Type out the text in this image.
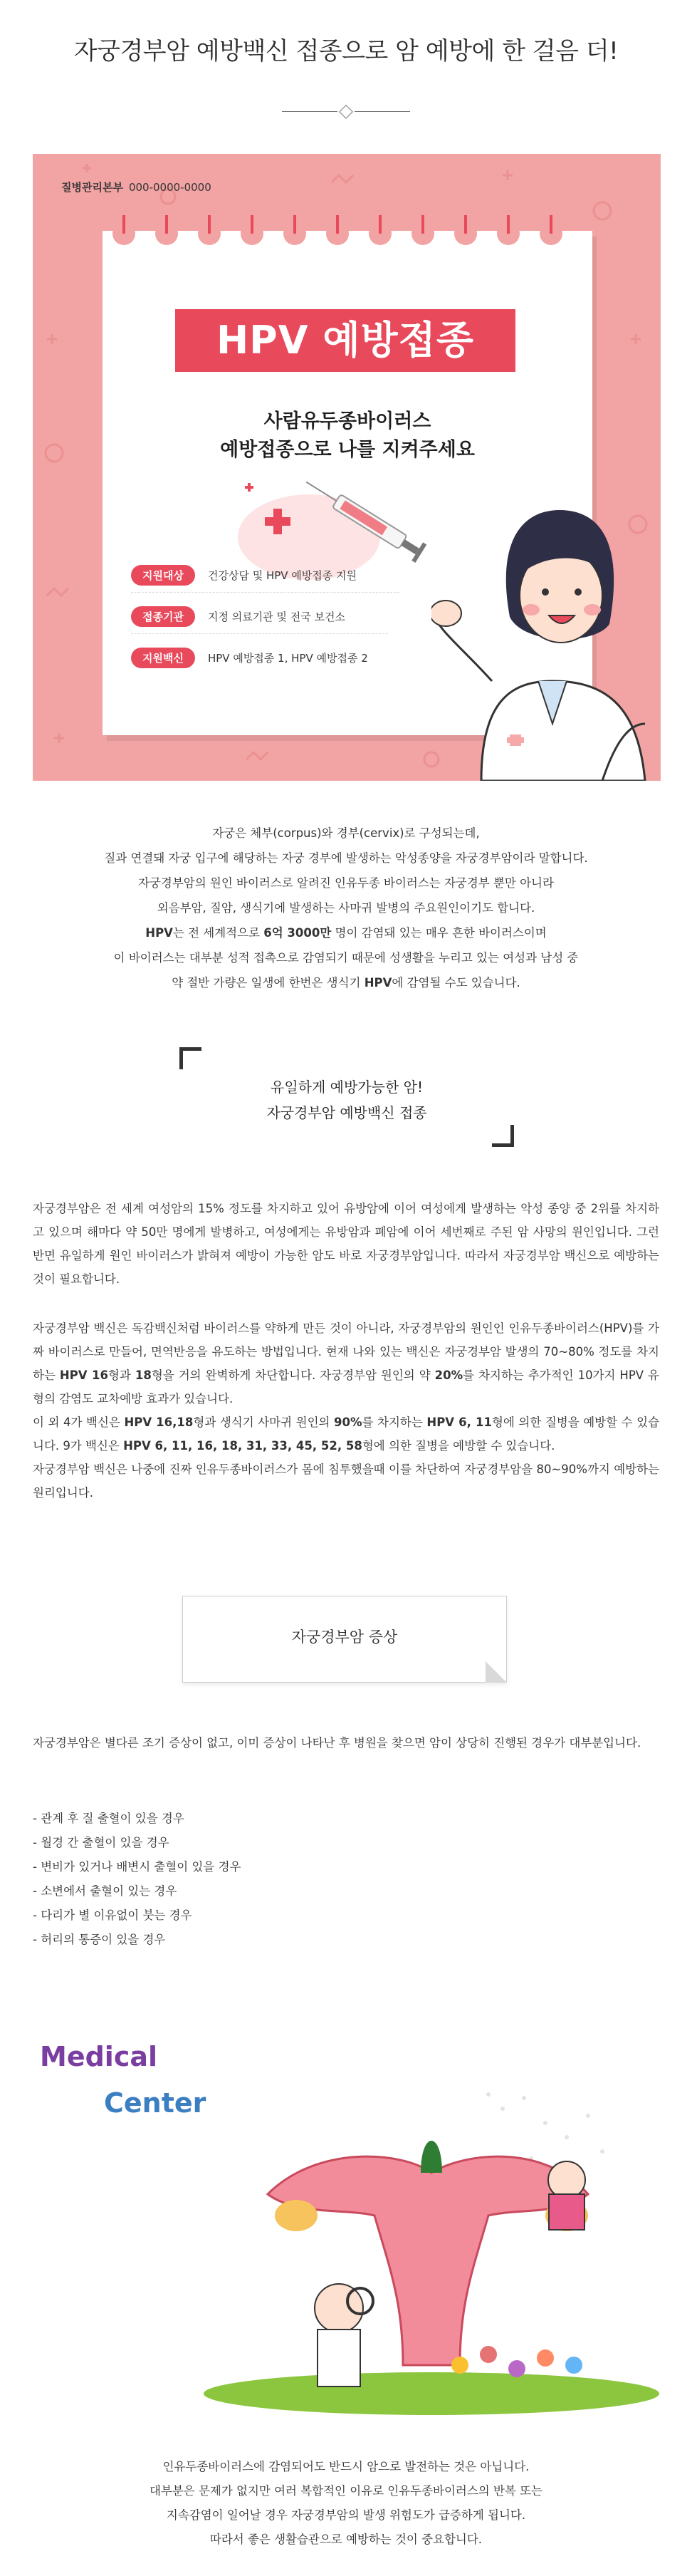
자궁경부암 예방백신 접종으로 암 예방에 한 걸음 더!
질병관리본부 000-0000-0000
HPV 예방접종
사람유두종바이러스
예방접종으로 나를 지켜주세요
지원대상	건강상담 및 HPV 예방접종 지원
접종기관	지정 의료기관 및 전국 보건소
지원백신	HPV 예방접종 1, HPV 예방접종 2
자궁은 체부(corpus)와 경부(cervix)로 구성되는데,
질과 연결돼 자궁 입구에 해당하는 자궁 경부에 발생하는 악성종양을 자궁경부암이라 말합니다.
자궁경부암의 원인 바이러스로 알려진 인유두종 바이러스는 자궁경부 뿐만 아니라
외음부암, 질암, 생식기에 발생하는 사마귀 발병의 주요원인이기도 합니다.
HPV는 전 세계적으로 6억 3000만 명이 감염돼 있는 매우 흔한 바이러스이며
이 바이러스는 대부분 성적 접촉으로 감염되기 때문에 성생활을 누리고 있는 여성과 남성 중
약 절반 가량은 일생에 한번은 생식기 HPV에 감염될 수도 있습니다.
유일하게 예방가능한 암!
자궁경부암 예방백신 접종
자궁경부암은 전 세계 여성암의 15% 정도를 차지하고 있어 유방암에 이어 여성에게 발생하는 악성 종양 중 2위를 차지하고 있으며 해마다 약 50만 명에게 발병하고, 여성에게는 유방암과 폐암에 이어 세번째로 주된 암 사망의 원인입니다. 그런 반면 유일하게 원인 바이러스가 밝혀져 예방이 가능한 암도 바로 자궁경부암입니다. 따라서 자궁경부암 백신으로 예방하는 것이 필요합니다.
자궁경부암 백신은 독감백신처럼 바이러스를 약하게 만든 것이 아니라, 자궁경부암의 원인인 인유두종바이러스(HPV)를 가짜 바이러스로 만들어, 면역반응을 유도하는 방법입니다. 현재 나와 있는 백신은 자궁경부암 발생의 70~80% 정도를 차지하는 HPV 16형과 18형을 거의 완벽하게 차단합니다. 자궁경부암 원인의 약 20%를 차지하는 추가적인 10가지 HPV 유형의 감염도 교차예방 효과가 있습니다.
이 외 4가 백신은 HPV 16,18형과 생식기 사마귀 원인의 90%를 차지하는 HPV 6, 11형에 의한 질병을 예방할 수 있습니다. 9가 백신은 HPV 6, 11, 16, 18, 31, 33, 45, 52, 58형에 의한 질병을 예방할 수 있습니다.
자궁경부암 백신은 나중에 진짜 인유두종바이러스가 몸에 침투했을때 이를 차단하여 자궁경부암을 80~90%까지 예방하는 원리입니다.
자궁경부암 증상
자궁경부암은 별다른 조기 증상이 없고, 이미 증상이 나타난 후 병원을 찾으면 암이 상당히 진행된 경우가 대부분입니다.
- 관계 후 질 출혈이 있을 경우
- 월경 간 출혈이 있을 경우
- 변비가 있거나 배변시 출혈이 있을 경우
- 소변에서 출혈이 있는 경우
- 다리가 별 이유없이 붓는 경우
- 허리의 통증이 있을 경우
Medical
Center
인유두종바이러스에 감염되어도 반드시 암으로 발전하는 것은 아닙니다.
대부분은 문제가 없지만 여러 복합적인 이유로 인유두종바이러스의 반복 또는
지속감염이 일어날 경우 자궁경부암의 발생 위험도가 급증하게 됩니다.
따라서 좋은 생활습관으로 예방하는 것이 중요합니다.
